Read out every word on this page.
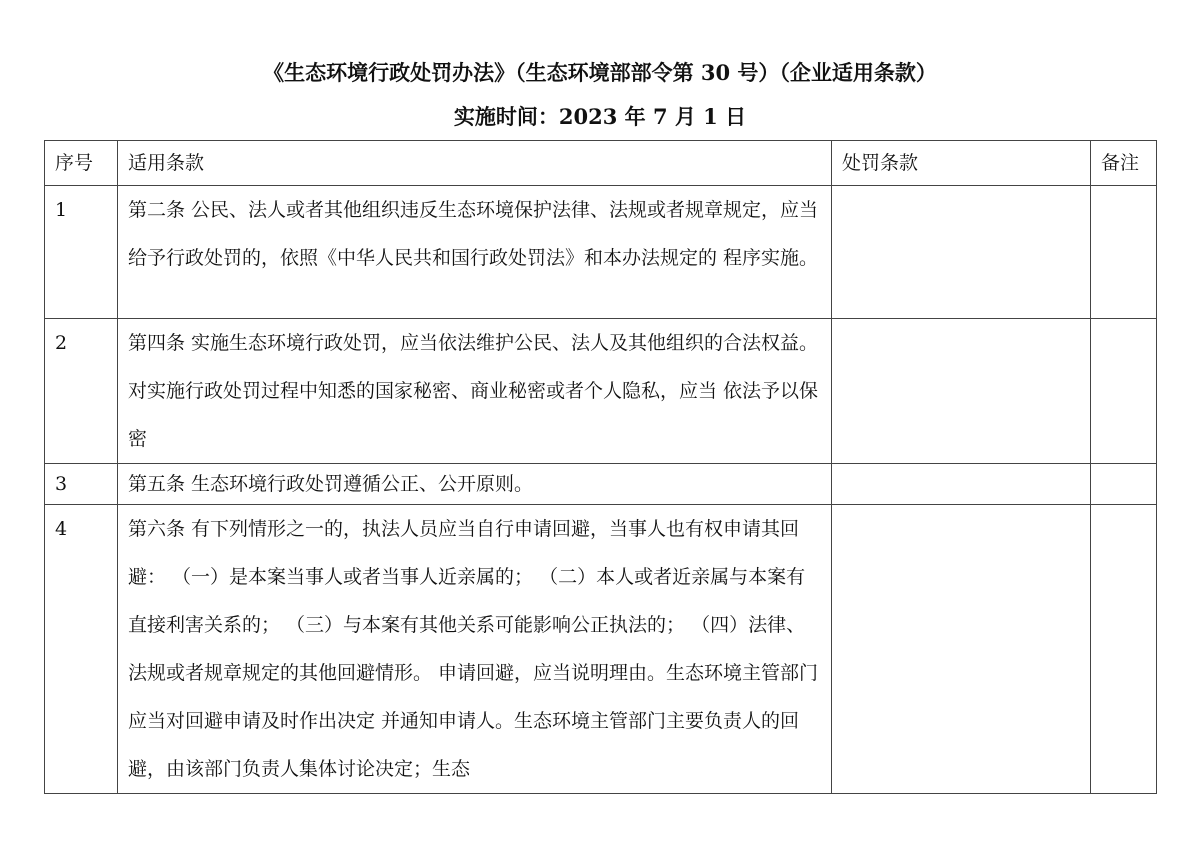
《生态环境行政处罚办法》（生态环境部部令第 30 号）（企业适用条款）
实施时间：2023 年 7 月 1 日
序号	适用条款	处罚条款	备注
1	第二条 公民、法人或者其他组织违反生态环境保护法律、法规或者规章规定，应当给予行政处罚的，依照《中华人民共和国行政处罚法》和本办法规定的 程序实施。		
2	第四条 实施生态环境行政处罚，应当依法维护公民、法人及其他组织的合法权益。对实施行政处罚过程中知悉的国家秘密、商业秘密或者个人隐私，应当 依法予以保密		
3	第五条 生态环境行政处罚遵循公正、公开原则。		
4	第六条 有下列情形之一的，执法人员应当自行申请回避，当事人也有权申请其回避： （一）是本案当事人或者当事人近亲属的； （二）本人或者近亲属与本案有直接利害关系的； （三）与本案有其他关系可能影响公正执法的； （四）法律、法规或者规章规定的其他回避情形。 申请回避，应当说明理由。生态环境主管部门应当对回避申请及时作出决定 并通知申请人。生态环境主管部门主要负责人的回避，由该部门负责人集体讨论决定；生态		
